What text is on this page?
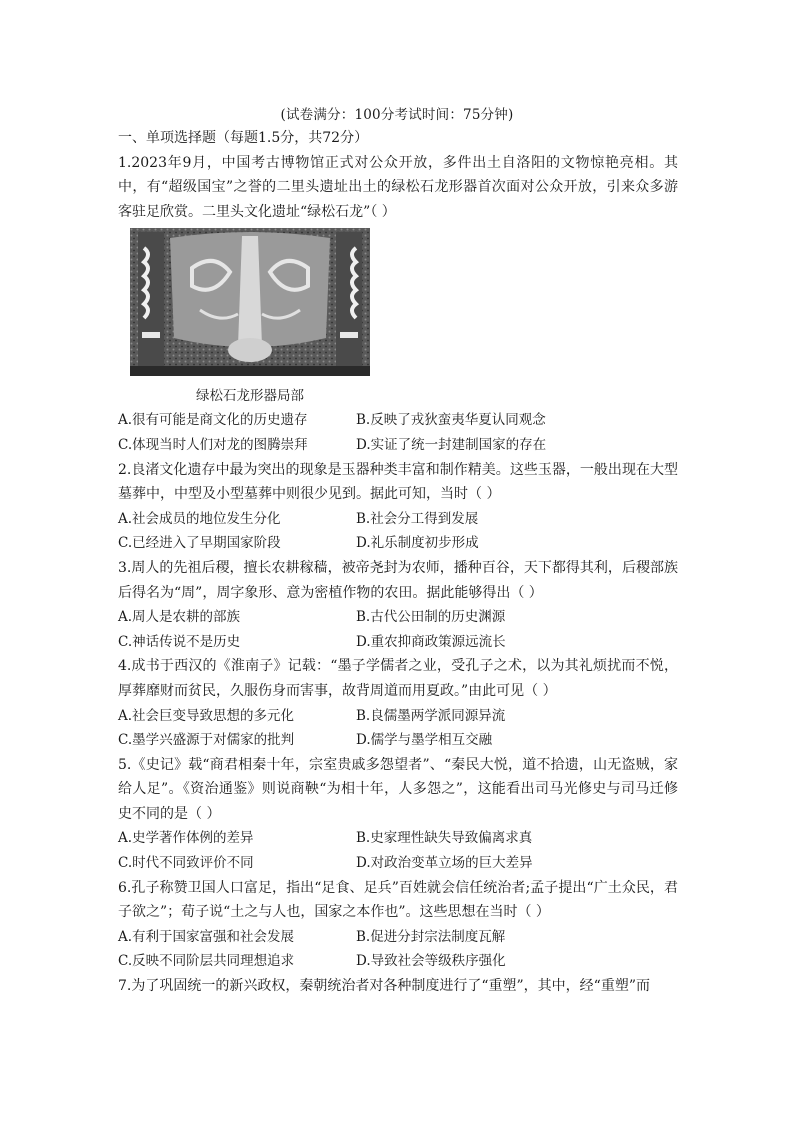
(试卷满分：100分考试时间：75分钟)
一、单项选择题（每题1.5分，共72分）
1.2023年9月，中国考古博物馆正式对公众开放，多件出土自洛阳的文物惊艳亮相。其中，有“超级国宝”之誉的二里头遗址出土的绿松石龙形器首次面对公众开放，引来众多游客驻足欣赏。二里头文化遗址“绿松石龙”（ ）
绿松石龙形器局部
A.很有可能是商文化的历史遗存	B.反映了戎狄蛮夷华夏认同观念
C.体现当时人们对龙的图腾崇拜	D.实证了统一封建制国家的存在
2.良渚文化遗存中最为突出的现象是玉器种类丰富和制作精美。这些玉器，一般出现在大型墓葬中，中型及小型墓葬中则很少见到。据此可知，当时（ ）
A.社会成员的地位发生分化	B.社会分工得到发展
C.已经进入了早期国家阶段	D.礼乐制度初步形成
3.周人的先祖后稷，擅长农耕稼穑，被帝尧封为农师，播种百谷，天下都得其利，后稷部族后得名为“周”，周字象形、意为密植作物的农田。据此能够得出（ ）
A.周人是农耕的部族	B.古代公田制的历史渊源
C.神话传说不是历史	D.重农抑商政策源远流长
4.成书于西汉的《淮南子》记载：“墨子学儒者之业，受孔子之术，以为其礼烦扰而不悦，厚葬靡财而贫民，久服伤身而害事，故背周道而用夏政。”由此可见（ ）
A.社会巨变导致思想的多元化	B.良儒墨两学派同源异流
C.墨学兴盛源于对儒家的批判	D.儒学与墨学相互交融
5.《史记》载“商君相秦十年，宗室贵戚多怨望者”、“秦民大悦，道不拾遗，山无盗贼，家给人足”。《资治通鉴》则说商鞅“为相十年，人多怨之”，这能看出司马光修史与司马迁修史不同的是（ ）
A.史学著作体例的差异	B.史家理性缺失导致偏离求真
C.时代不同致评价不同	D.对政治变革立场的巨大差异
6.孔子称赞卫国人口富足，指出“足食、足兵”百姓就会信任统治者;孟子提出“广土众民，君子欲之”；荀子说“土之与人也，国家之本作也”。这些思想在当时（ ）
A.有利于国家富强和社会发展	B.促进分封宗法制度瓦解
C.反映不同阶层共同理想追求	D.导致社会等级秩序强化
7.为了巩固统一的新兴政权，秦朝统治者对各种制度进行了“重塑”，其中，经“重塑”而
